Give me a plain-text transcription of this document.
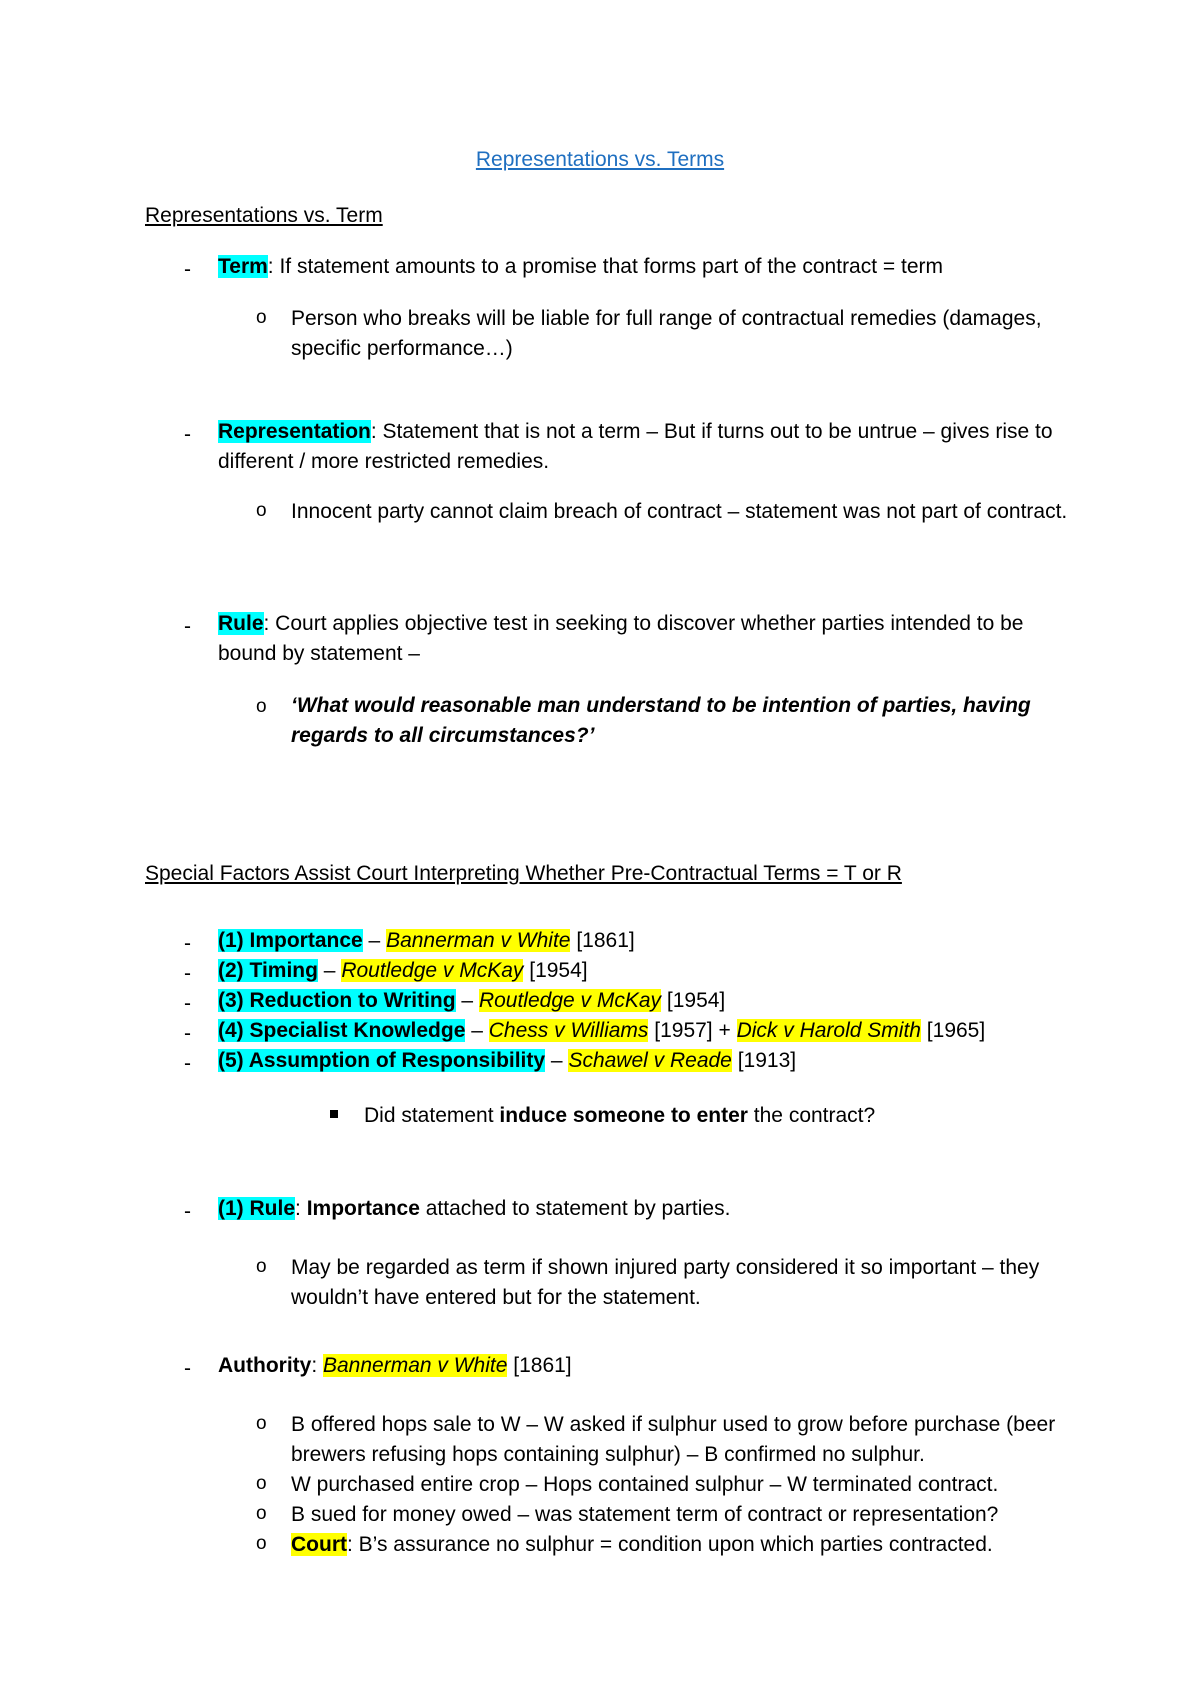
Representations vs. Terms
Representations vs. Term
- Term: If statement amounts to a promise that forms part of the contract = term
o Person who breaks will be liable for full range of contractual remedies (damages, specific performance…)
- Representation: Statement that is not a term – But if turns out to be untrue – gives rise to different / more restricted remedies.
o Innocent party cannot claim breach of contract – statement was not part of contract.
- Rule: Court applies objective test in seeking to discover whether parties intended to be bound by statement –
o ‘What would reasonable man understand to be intention of parties, having regards to all circumstances?’
Special Factors Assist Court Interpreting Whether Pre-Contractual Terms = T or R
- (1) Importance – Bannerman v White [1861]
- (2) Timing – Routledge v McKay [1954]
- (3) Reduction to Writing – Routledge v McKay [1954]
- (4) Specialist Knowledge – Chess v Williams [1957] + Dick v Harold Smith [1965]
- (5) Assumption of Responsibility – Schawel v Reade [1913]
Did statement induce someone to enter the contract?
- (1) Rule: Importance attached to statement by parties.
o May be regarded as term if shown injured party considered it so important – they wouldn’t have entered but for the statement.
- Authority: Bannerman v White [1861]
o B offered hops sale to W – W asked if sulphur used to grow before purchase (beer brewers refusing hops containing sulphur) – B confirmed no sulphur.
o W purchased entire crop – Hops contained sulphur – W terminated contract.
o B sued for money owed – was statement term of contract or representation?
o Court: B’s assurance no sulphur = condition upon which parties contracted.
